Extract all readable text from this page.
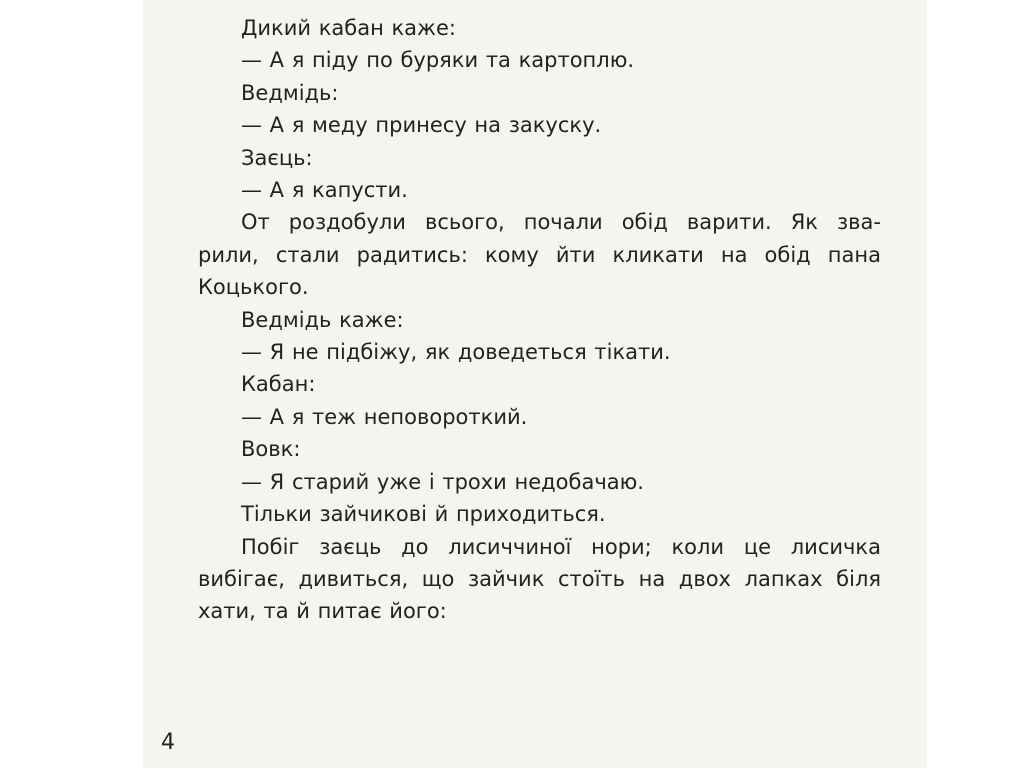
Дикий кабан каже:

— А я піду по буряки та картоплю.

Ведмідь:

— А я меду принесу на закуску.

Заєць:

— А я капусти.

От роздобули всього, почали обід варити. Як зва-
рили, стали радитись: кому йти кликати на обід пана
Коцького.

Ведмідь каже:

— Я не підбіжу, як доведеться тікати.

Кабан:

— А я теж неповороткий.

Вовк:

— Я старий уже і трохи недобачаю.

Тільки зайчикові й приходиться.

Побіг заєць до лисиччиної нори; коли це лисичка
вибігає, дивиться, що зайчик стоїть на двох лапках біля
хати, та й питає його:

4
